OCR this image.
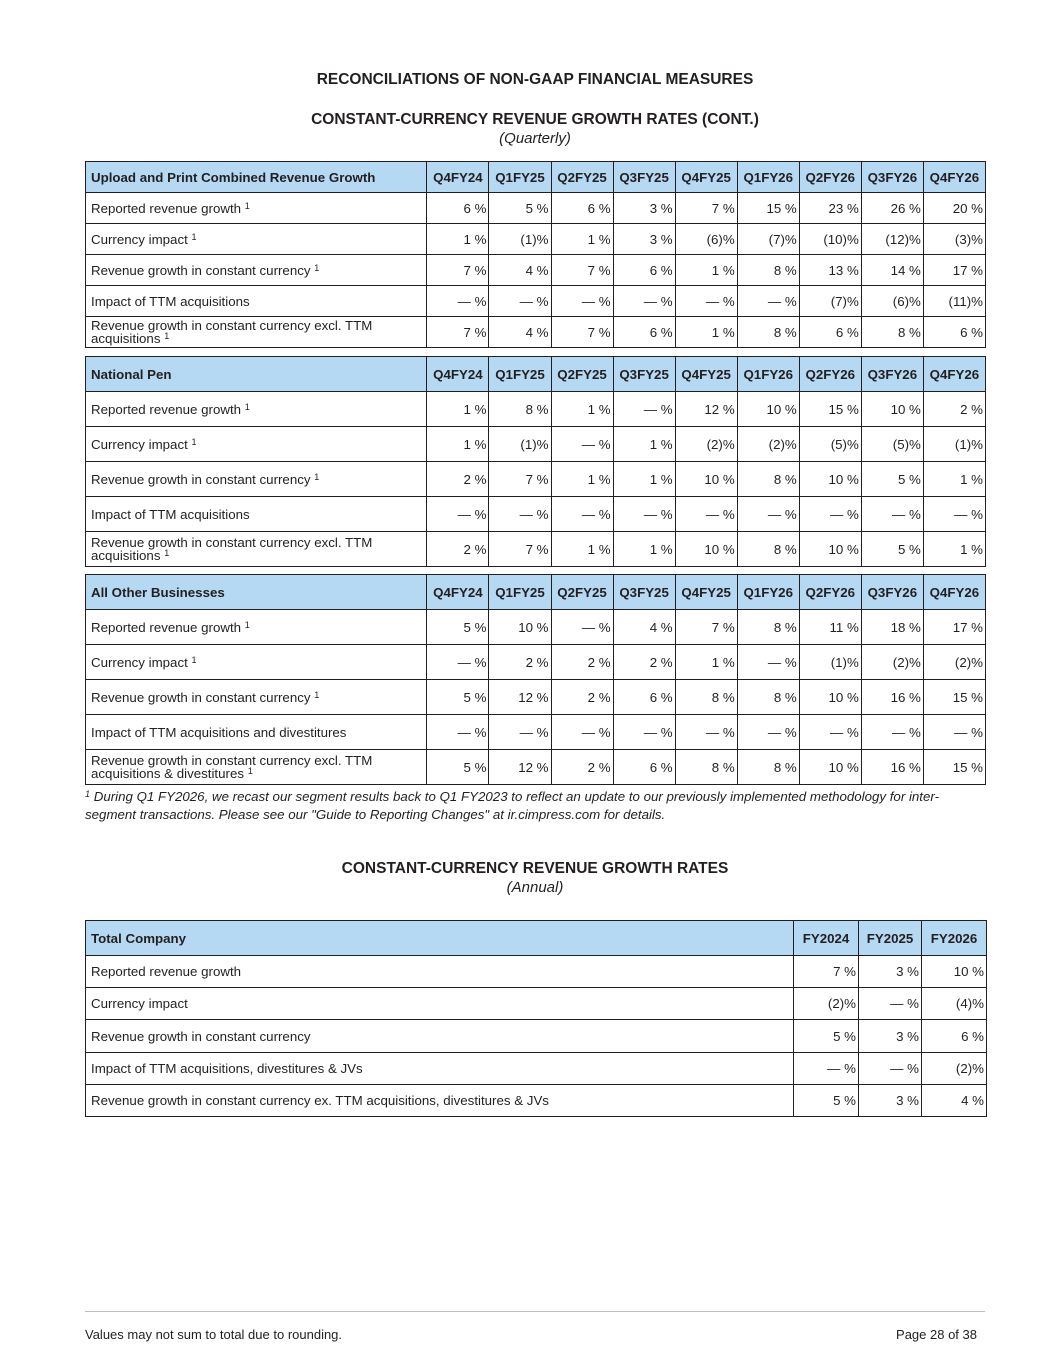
RECONCILIATIONS OF NON-GAAP FINANCIAL MEASURES
CONSTANT-CURRENCY REVENUE GROWTH RATES (CONT.)
(Quarterly)
Upload and Print Combined Revenue Growth	Q4FY24	Q1FY25	Q2FY25	Q3FY25	Q4FY25	Q1FY26	Q2FY26	Q3FY26	Q4FY26
Reported revenue growth $^1$	6 %	5 %	6 %	3 %	7 %	15 %	23 %	26 %	20 %
Currency impact $^1$	1 %	(1)%	1 %	3 %	(6)%	(7)%	(10)%	(12)%	(3)%
Revenue growth in constant currency $^1$	7 %	4 %	7 %	6 %	1 %	8 %	13 %	14 %	17 %
Impact of TTM acquisitions	— %	— %	— %	— %	— %	— %	(7)%	(6)%	(11)%
Revenue growth in constant currency excl. TTM acquisitions $^1$	7 %	4 %	7 %	6 %	1 %	8 %	6 %	8 %	6 %
National Pen	Q4FY24	Q1FY25	Q2FY25	Q3FY25	Q4FY25	Q1FY26	Q2FY26	Q3FY26	Q4FY26
Reported revenue growth $^1$	1 %	8 %	1 %	— %	12 %	10 %	15 %	10 %	2 %
Currency impact $^1$	1 %	(1)%	— %	1 %	(2)%	(2)%	(5)%	(5)%	(1)%
Revenue growth in constant currency $^1$	2 %	7 %	1 %	1 %	10 %	8 %	10 %	5 %	1 %
Impact of TTM acquisitions	— %	— %	— %	— %	— %	— %	— %	— %	— %
Revenue growth in constant currency excl. TTM acquisitions $^1$	2 %	7 %	1 %	1 %	10 %	8 %	10 %	5 %	1 %
All Other Businesses	Q4FY24	Q1FY25	Q2FY25	Q3FY25	Q4FY25	Q1FY26	Q2FY26	Q3FY26	Q4FY26
Reported revenue growth $^1$	5 %	10 %	— %	4 %	7 %	8 %	11 %	18 %	17 %
Currency impact $^1$	— %	2 %	2 %	2 %	1 %	— %	(1)%	(2)%	(2)%
Revenue growth in constant currency $^1$	5 %	12 %	2 %	6 %	8 %	8 %	10 %	16 %	15 %
Impact of TTM acquisitions and divestitures	— %	— %	— %	— %	— %	— %	— %	— %	— %
Revenue growth in constant currency excl. TTM acquisitions & divestitures $^1$	5 %	12 %	2 %	6 %	8 %	8 %	10 %	16 %	15 %
$^1$ During Q1 FY2026, we recast our segment results back to Q1 FY2023 to reflect an update to our previously implemented methodology for inter-segment transactions. Please see our "Guide to Reporting Changes" at ir.cimpress.com for details.
CONSTANT-CURRENCY REVENUE GROWTH RATES
(Annual)
Total Company	FY2024	FY2025	FY2026
Reported revenue growth	7 %	3 %	10 %
Currency impact	(2)%	— %	(4)%
Revenue growth in constant currency	5 %	3 %	6 %
Impact of TTM acquisitions, divestitures & JVs	— %	— %	(2)%
Revenue growth in constant currency ex. TTM acquisitions, divestitures & JVs	5 %	3 %	4 %
Values may not sum to total due to rounding.	Page 28 of 38
